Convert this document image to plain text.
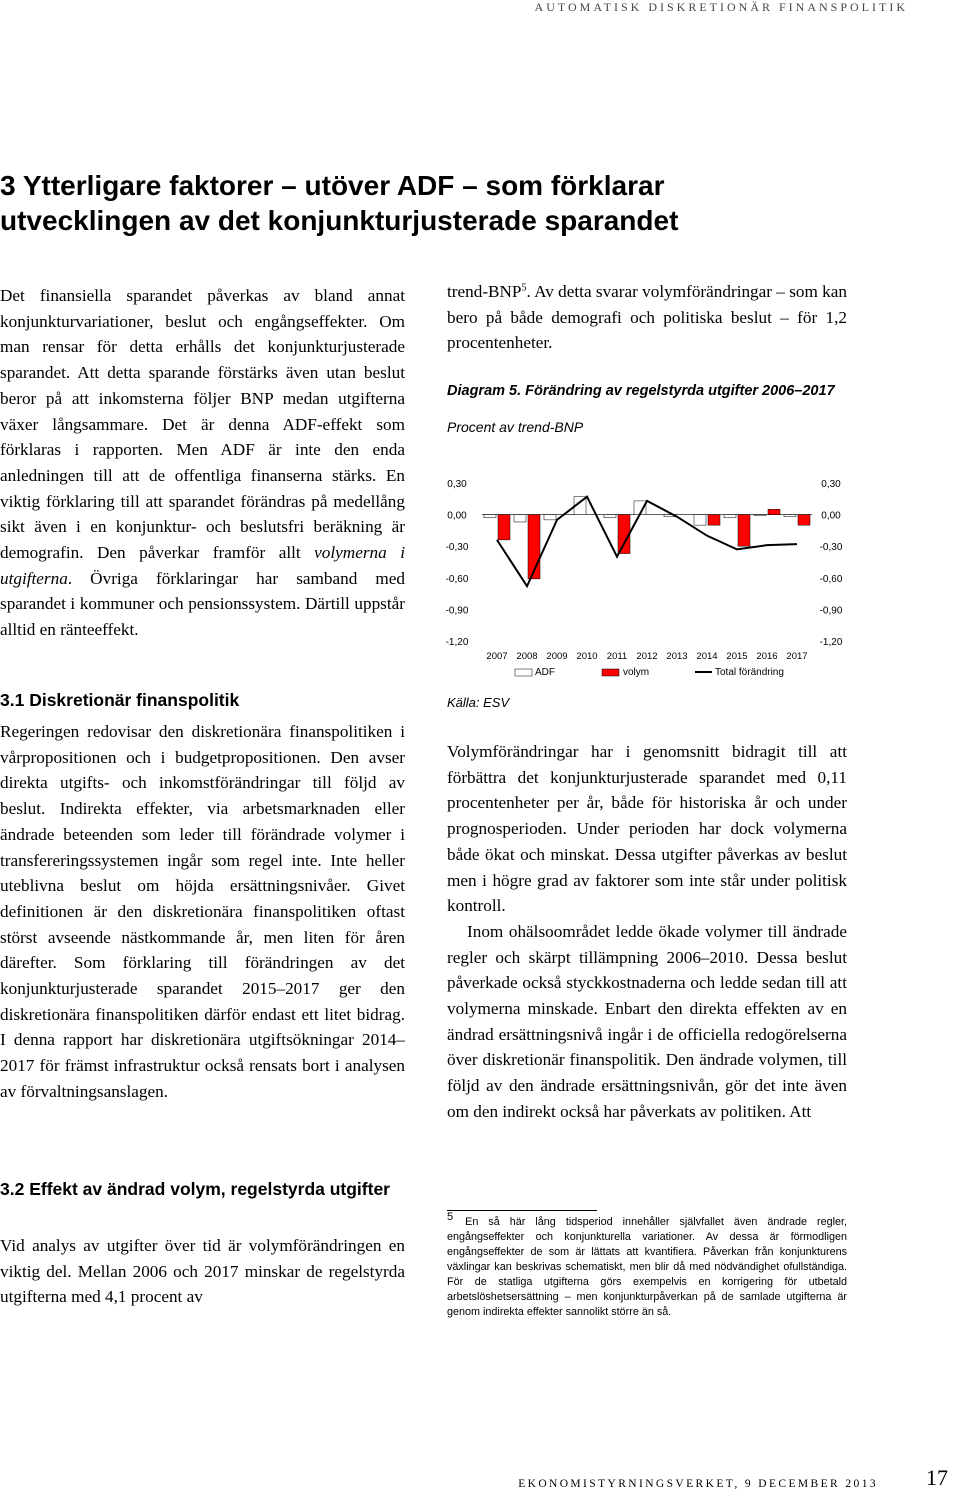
AUTOMATISK DISKRETIONÄR FINANSPOLITIK
3 Ytterligare faktorer – utöver ADF – som förklarar
utvecklingen av det konjunkturjusterade sparandet

Det finansiella sparandet påverkas av bland annat konjunkturvariationer, beslut och engångseffekter. Om man rensar för detta erhålls det konjunkturjusterade sparandet. Att detta sparande förstärks även utan beslut beror på att inkomsterna följer BNP medan utgifterna växer långsammare. Det är denna ADF-effekt som förklaras i rapporten. Men ADF är inte den enda anledningen till att de offentliga finanserna stärks. En viktig förklaring till att sparandet förändras på medellång sikt även i en konjunktur- och beslutsfri beräkning är demografin. Den påverkar framför allt volymerna i utgifterna. Övriga förklaringar har samband med sparandet i kommuner och pensionssystem. Därtill uppstår alltid en ränteeffekt.

3.1 Diskretionär finanspolitik

Regeringen redovisar den diskretionära finanspolitiken i vårpropositionen och i budgetpropositionen. Den avser direkta utgifts- och inkomstförändringar till följd av beslut. Indirekta effekter, via arbetsmarknaden eller ändrade beteenden som leder till förändrade volymer i transfereringssystemen ingår som regel inte. Inte heller uteblivna beslut om höjda ersättningsnivåer. Givet definitionen är den diskretionära finanspolitiken oftast störst avseende nästkommande år, men liten för åren därefter. Som förklaring till förändringen av det konjunkturjusterade sparandet 2015–2017 ger den diskretionära finanspolitiken därför endast ett litet bidrag. I denna rapport har diskretionära utgiftsökningar 2014–2017 för främst infrastruktur också rensats bort i analysen av förvaltningsanslagen.

3.2 Effekt av ändrad volym, regelstyrda utgifter

Vid analys av utgifter över tid är volymförändringen en viktig del. Mellan 2006 och 2017 minskar de regelstyrda utgifterna med 4,1 procent av

trend-BNP$^5$. Av detta svarar volymförändringar – som kan bero på både demografi och politiska beslut – för 1,2 procentenheter.

Diagram 5. Förändring av regelstyrda utgifter 2006–2017

Procent av trend-BNP
0,30	0,30
0,00	0,00
-0,30	-0,30
-0,60	-0,60
-0,90	-0,90
-1,20	-1,20
2007 2008 2009 2010 2011 2012 2013 2014 2015 2016 2017
ADF	volym	Total förändring
Källa: ESV

Volymförändringar har i genomsnitt bidragit till att förbättra det konjunkturjusterade sparandet med 0,11 procentenheter per år, både för historiska år och under prognosperioden. Under perioden har dock volymerna både ökat och minskat. Dessa utgifter påverkas av beslut men i högre grad av faktorer som inte står under politisk kontroll.

Inom ohälsoområdet ledde ökade volymer till ändrade regler och skärpt tillämpning 2006–2010. Dessa beslut påverkade också styckkostnaderna och ledde sedan till att volymerna minskade. Enbart den direkta effekten av en ändrad ersättningsnivå ingår i de officiella redogörelserna över diskretionär finanspolitik. Den ändrade volymen, till följd av den ändrade ersättningsnivån, gör det inte även om den indirekt också har påverkats av politiken. Att

5 En så här lång tidsperiod innehåller självfallet även ändrade regler, engångseffekter och konjunkturella variationer. Av dessa är förmodligen engångseffekter de som är lättats att kvantifiera. Påverkan från konjunkturens växlingar kan beskrivas schematiskt, men blir då med nödvändighet ofullständiga. För de statliga utgifterna görs exempelvis en korrigering för utbetald arbetslöshetsersättning – men konjunkturpåverkan på de samlade utgifterna är genom indirekta effekter sannolikt större än så.
EKONOMISTYRNINGSVERKET, 9 DECEMBER 2013 17
